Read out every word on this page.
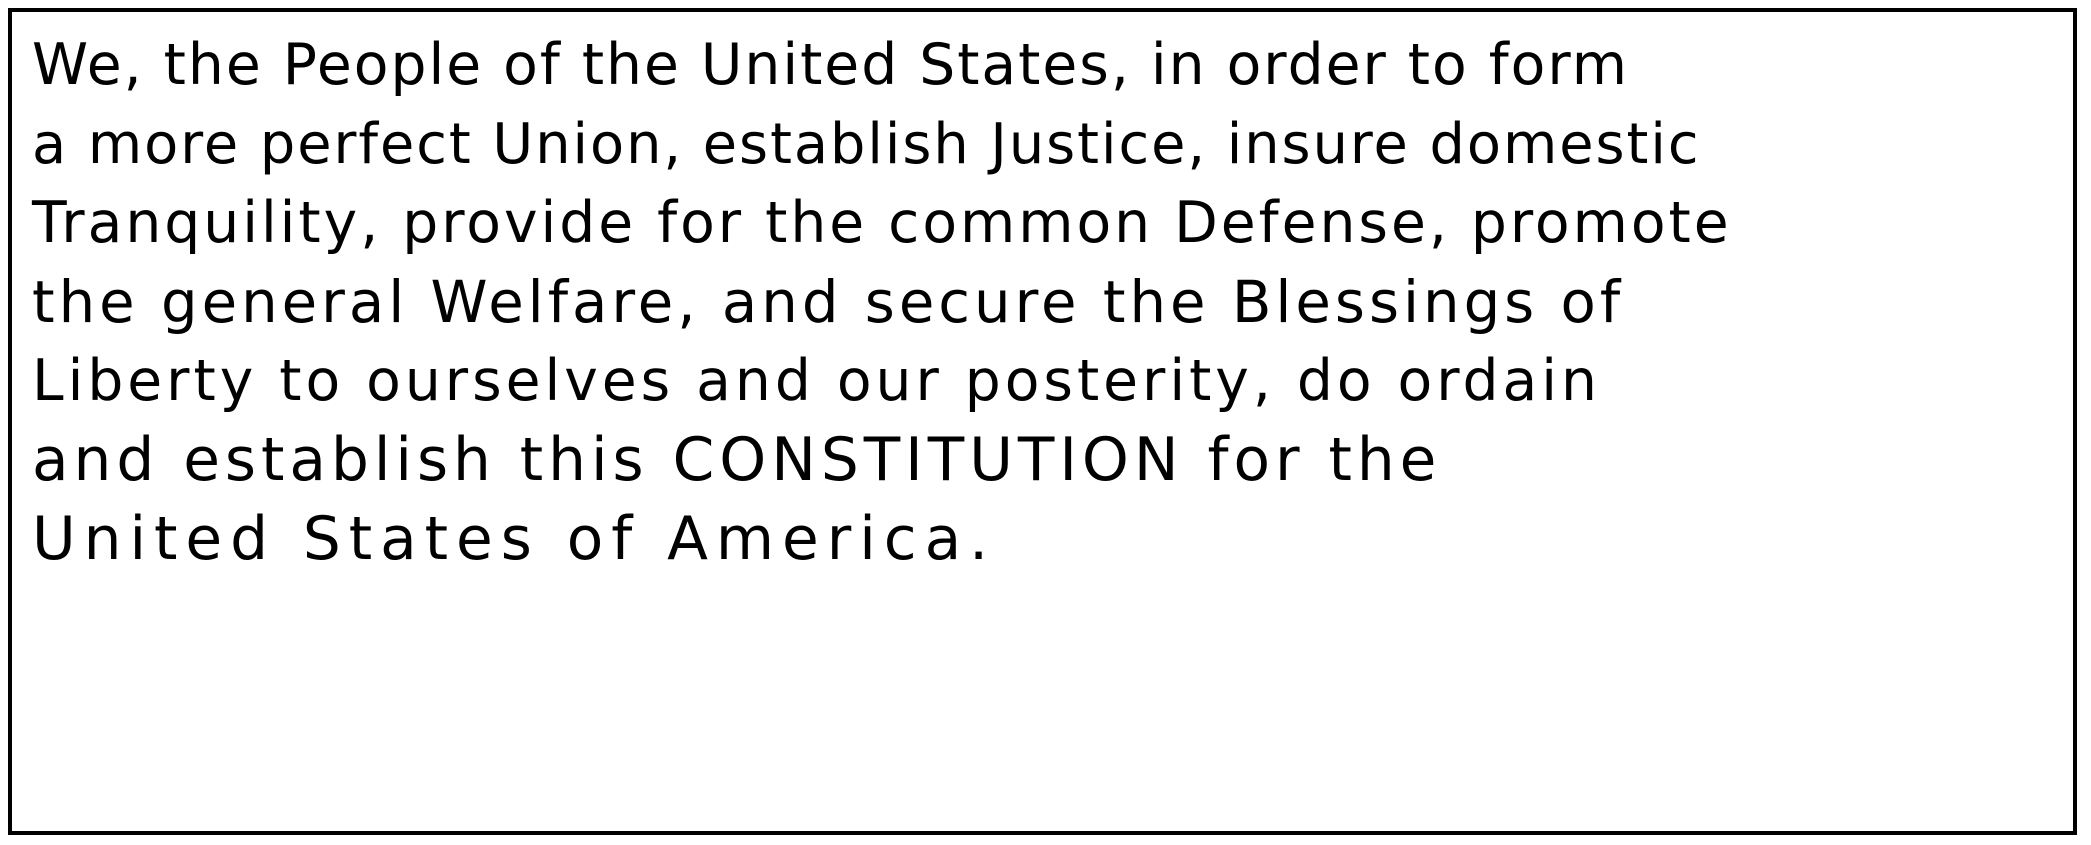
We, the People of the United States, in order to form
a more perfect Union, establish Justice, insure domestic
Tranquility, provide for the common Defense, promote
the general Welfare, and secure the Blessings of
Liberty to ourselves and our posterity, do ordain
and establish this CONSTITUTION for the
United States of America.
